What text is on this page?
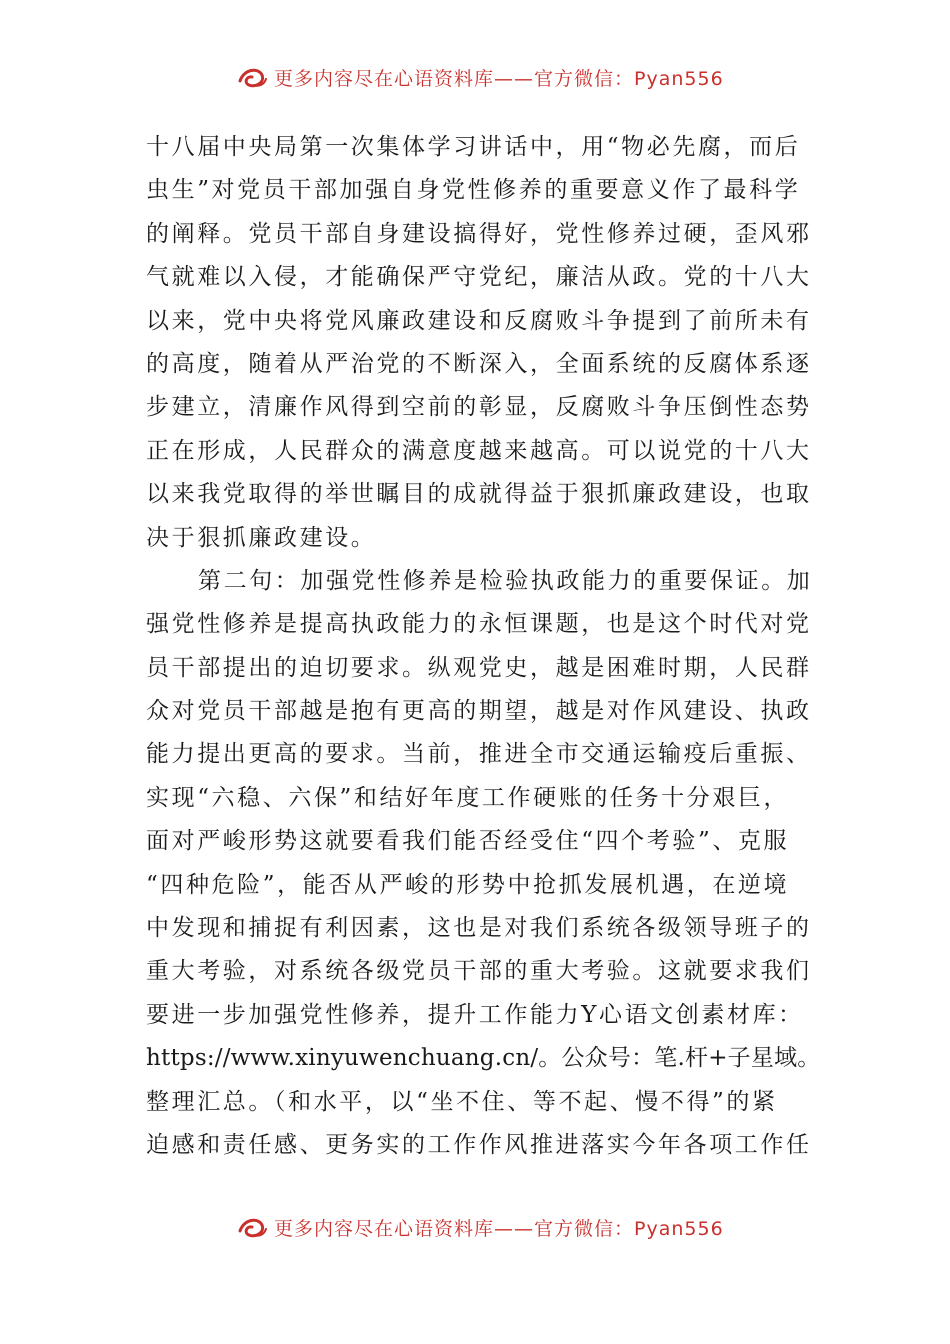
更多内容尽在心语资料库——官方微信：Pyan556
十八届中央局第一次集体学习讲话中，用“物必先腐，而后
虫生”对党员干部加强自身党性修养的重要意义作了最科学
的阐释。党员干部自身建设搞得好，党性修养过硬，歪风邪
气就难以入侵，才能确保严守党纪，廉洁从政。党的十八大
以来，党中央将党风廉政建设和反腐败斗争提到了前所未有
的高度，随着从严治党的不断深入，全面系统的反腐体系逐
步建立，清廉作风得到空前的彰显，反腐败斗争压倒性态势
正在形成，人民群众的满意度越来越高。可以说党的十八大
以来我党取得的举世瞩目的成就得益于狠抓廉政建设，也取
决于狠抓廉政建设。
第二句：加强党性修养是检验执政能力的重要保证。加
强党性修养是提高执政能力的永恒课题，也是这个时代对党
员干部提出的迫切要求。纵观党史，越是困难时期，人民群
众对党员干部越是抱有更高的期望，越是对作风建设、执政
能力提出更高的要求。当前，推进全市交通运输疫后重振、
实现“六稳、六保”和结好年度工作硬账的任务十分艰巨，
面对严峻形势这就要看我们能否经受住“四个考验”、克服
“四种危险”，能否从严峻的形势中抢抓发展机遇，在逆境
中发现和捕捉有利因素，这也是对我们系统各级领导班子的
重大考验，对系统各级党员干部的重大考验。这就要求我们
要进一步加强党性修养，提升工作能力Y心语文创素材库：
https://www.xinyuwenchuang.cn/。公众号：笔.杆+子星域。
整理汇总。（和水平，以“坐不住、等不起、慢不得”的紧
迫感和责任感、更务实的工作作风推进落实今年各项工作任
更多内容尽在心语资料库——官方微信：Pyan556
